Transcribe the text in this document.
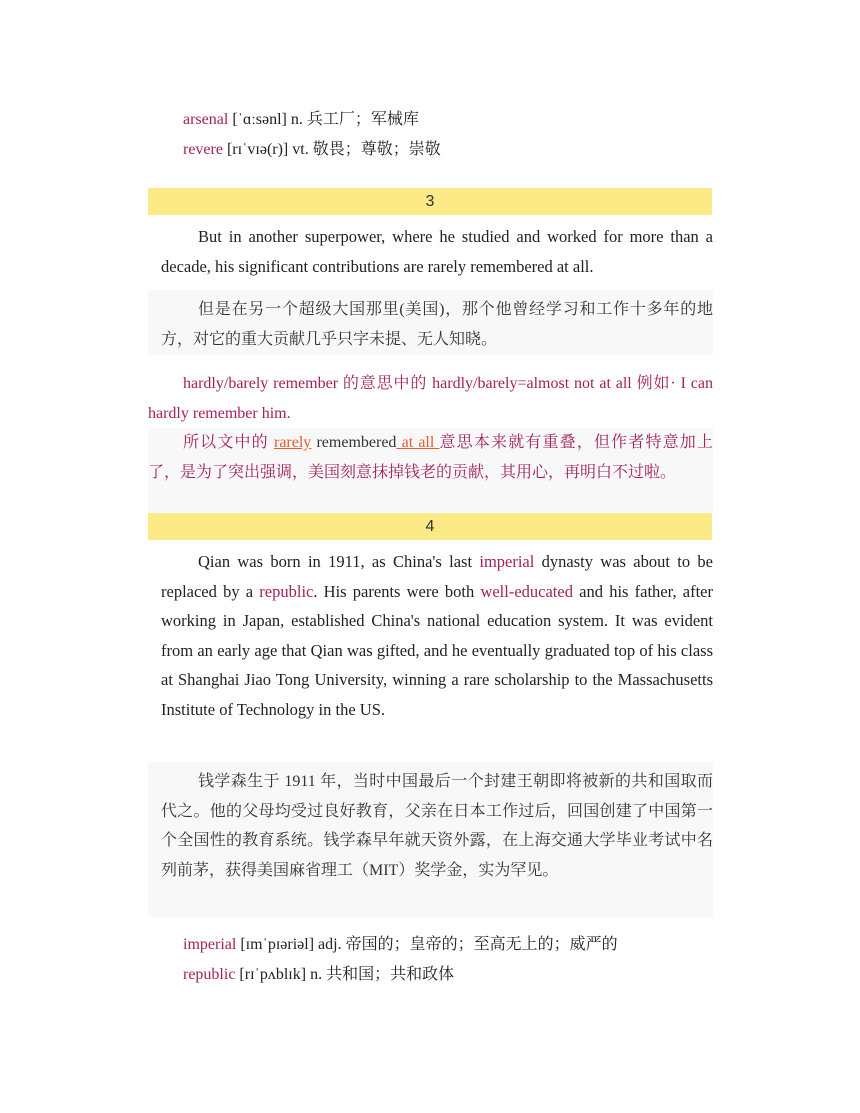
arsenal [ˈɑːsənl] n. 兵工厂；军械库
revere [rɪˈvɪə(r)] vt. 敬畏；尊敬；崇敬
3

But in another superpower, where he studied and worked for more than a decade, his significant contributions are rarely remembered at all.

但是在另一个超级大国那里(美国)，那个他曾经学习和工作十多年的地方，对它的重大贡献几乎只字未提、无人知晓。

hardly/barely remember 的意思中的 hardly/barely=almost not at all 例如· I can hardly remember him.

所以文中的 rarely remembered at all 意思本来就有重叠，但作者特意加上了，是为了突出强调，美国刻意抹掉钱老的贡献，其用心，再明白不过啦。

4

Qian was born in 1911, as China's last imperial dynasty was about to be replaced by a republic. His parents were both well-educated and his father, after working in Japan, established China's national education system. It was evident from an early age that Qian was gifted, and he eventually graduated top of his class at Shanghai Jiao Tong University, winning a rare scholarship to the Massachusetts Institute of Technology in the US.

钱学森生于 1911 年，当时中国最后一个封建王朝即将被新的共和国取而代之。他的父母均受过良好教育，父亲在日本工作过后，回国创建了中国第一个全国性的教育系统。钱学森早年就天资外露，在上海交通大学毕业考试中名列前茅，获得美国麻省理工（MIT）奖学金，实为罕见。

imperial [ɪmˈpɪəriəl] adj. 帝国的；皇帝的；至高无上的；威严的
republic [rɪˈpʌblɪk] n. 共和国；共和政体
